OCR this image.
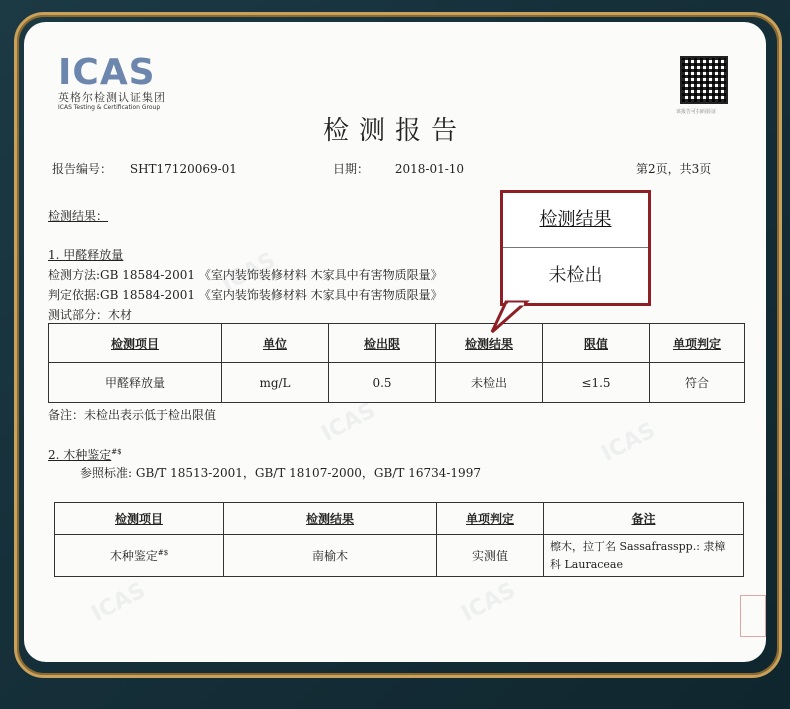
ICAS
ICAS
ICAS
ICAS
ICAS
ICAS
英格尔检测认证集团
ICAS Testing & Certification Group
该报告可扫码验证
检测报告
报告编号： SHT17120069-01	日期： 2018-01-10	第2页，共3页
检测结果：
1. 甲醛释放量
检测方法:GB 18584-2001 《室内装饰装修材料 木家具中有害物质限量》
判定依据:GB 18584-2001 《室内装饰装修材料 木家具中有害物质限量》
测试部分：木材
检测项目	单位	检出限	检测结果	限值	单项判定
甲醛释放量	mg/L	0.5	未检出	≤1.5	符合
备注：未检出表示低于检出限值
2. 木种鉴定#$
参照标准: GB/T 18513-2001，GB/T 18107-2000，GB/T 16734-1997
检测项目	检测结果	单项判定	备注
木种鉴定#$	南榆木	实测值	檫木，拉丁名 Sassafrasspp.: 隶樟
科 Lauraceae
检测结果
未检出
